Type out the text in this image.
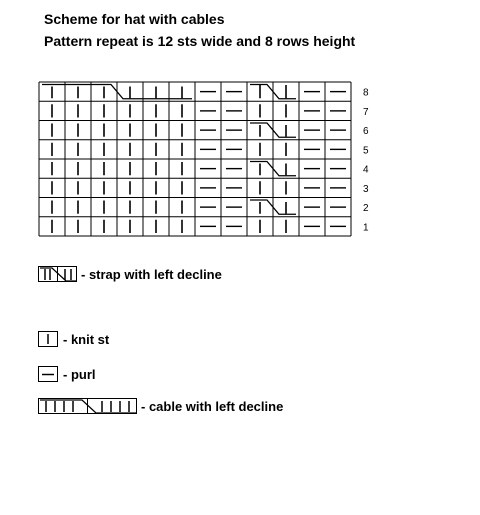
Scheme for hat with cables
Pattern repeat is 12 sts wide and 8 rows height
1
2
3
4
5
6
7
8
- strap with left decline
- knit st
- purl
- cable with left decline
